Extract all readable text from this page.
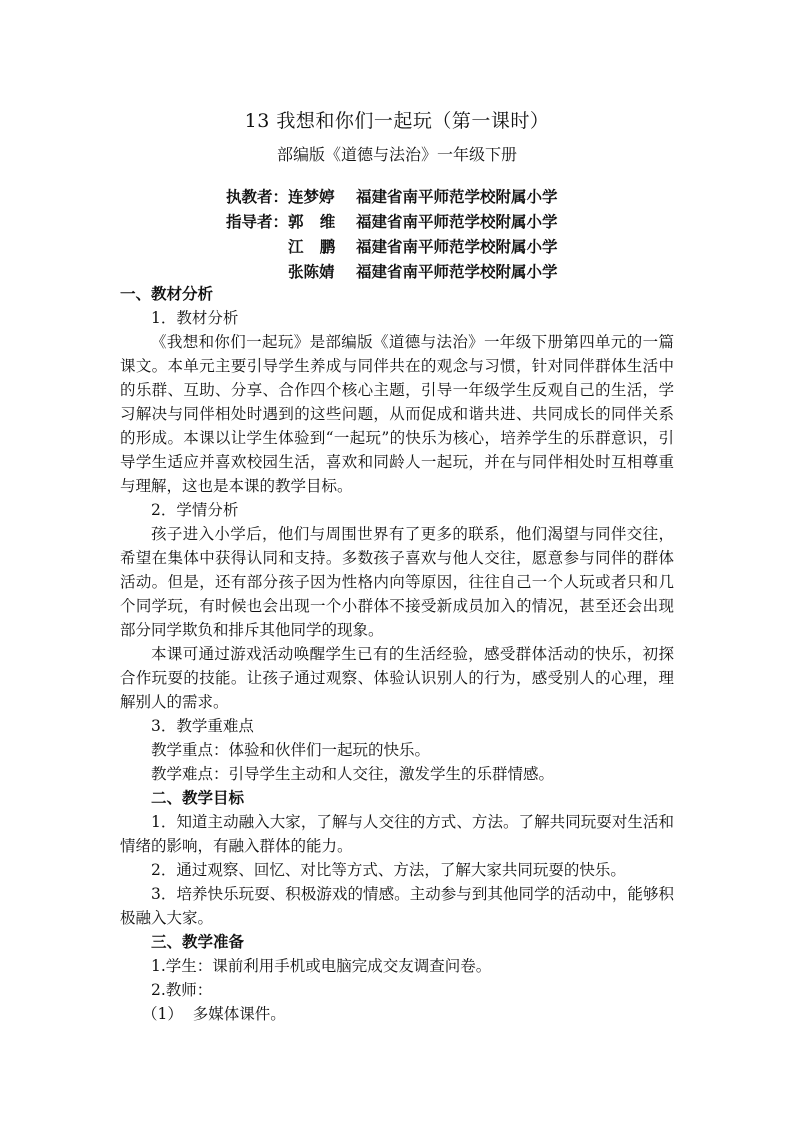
13 我想和你们一起玩（第一课时）
部编版《道德与法治》一年级下册
执教者： 连梦婷 福建省南平师范学校附属小学
指导者： 郭   维 福建省南平师范学校附属小学
江   鹏 福建省南平师范学校附属小学
张陈婧 福建省南平师范学校附属小学

一、教材分析

1．教材分析

《我想和你们一起玩》是部编版《道德与法治》一年级下册第四单元的一篇课文。本单元主要引导学生养成与同伴共在的观念与习惯，针对同伴群体生活中的乐群、互助、分享、合作四个核心主题，引导一年级学生反观自己的生活，学习解决与同伴相处时遇到的这些问题，从而促成和谐共进、共同成长的同伴关系的形成。本课以让学生体验到“一起玩”的快乐为核心，培养学生的乐群意识，引导学生适应并喜欢校园生活，喜欢和同龄人一起玩，并在与同伴相处时互相尊重与理解，这也是本课的教学目标。

2．学情分析

孩子进入小学后，他们与周围世界有了更多的联系，他们渴望与同伴交往，希望在集体中获得认同和支持。多数孩子喜欢与他人交往，愿意参与同伴的群体活动。但是，还有部分孩子因为性格内向等原因，往往自己一个人玩或者只和几个同学玩，有时候也会出现一个小群体不接受新成员加入的情况，甚至还会出现部分同学欺负和排斥其他同学的现象。

本课可通过游戏活动唤醒学生已有的生活经验，感受群体活动的快乐，初探合作玩耍的技能。让孩子通过观察、体验认识别人的行为，感受别人的心理，理解别人的需求。

3．教学重难点

教学重点：体验和伙伴们一起玩的快乐。

教学难点：引导学生主动和人交往，激发学生的乐群情感。

二、教学目标

1．知道主动融入大家，了解与人交往的方式、方法。了解共同玩耍对生活和情绪的影响，有融入群体的能力。

2．通过观察、回忆、对比等方式、方法，了解大家共同玩耍的快乐。

3．培养快乐玩耍、积极游戏的情感。主动参与到其他同学的活动中，能够积极融入大家。

三、教学准备

1.学生：课前利用手机或电脑完成交友调查问卷。

2.教师：

（1）  多媒体课件。
